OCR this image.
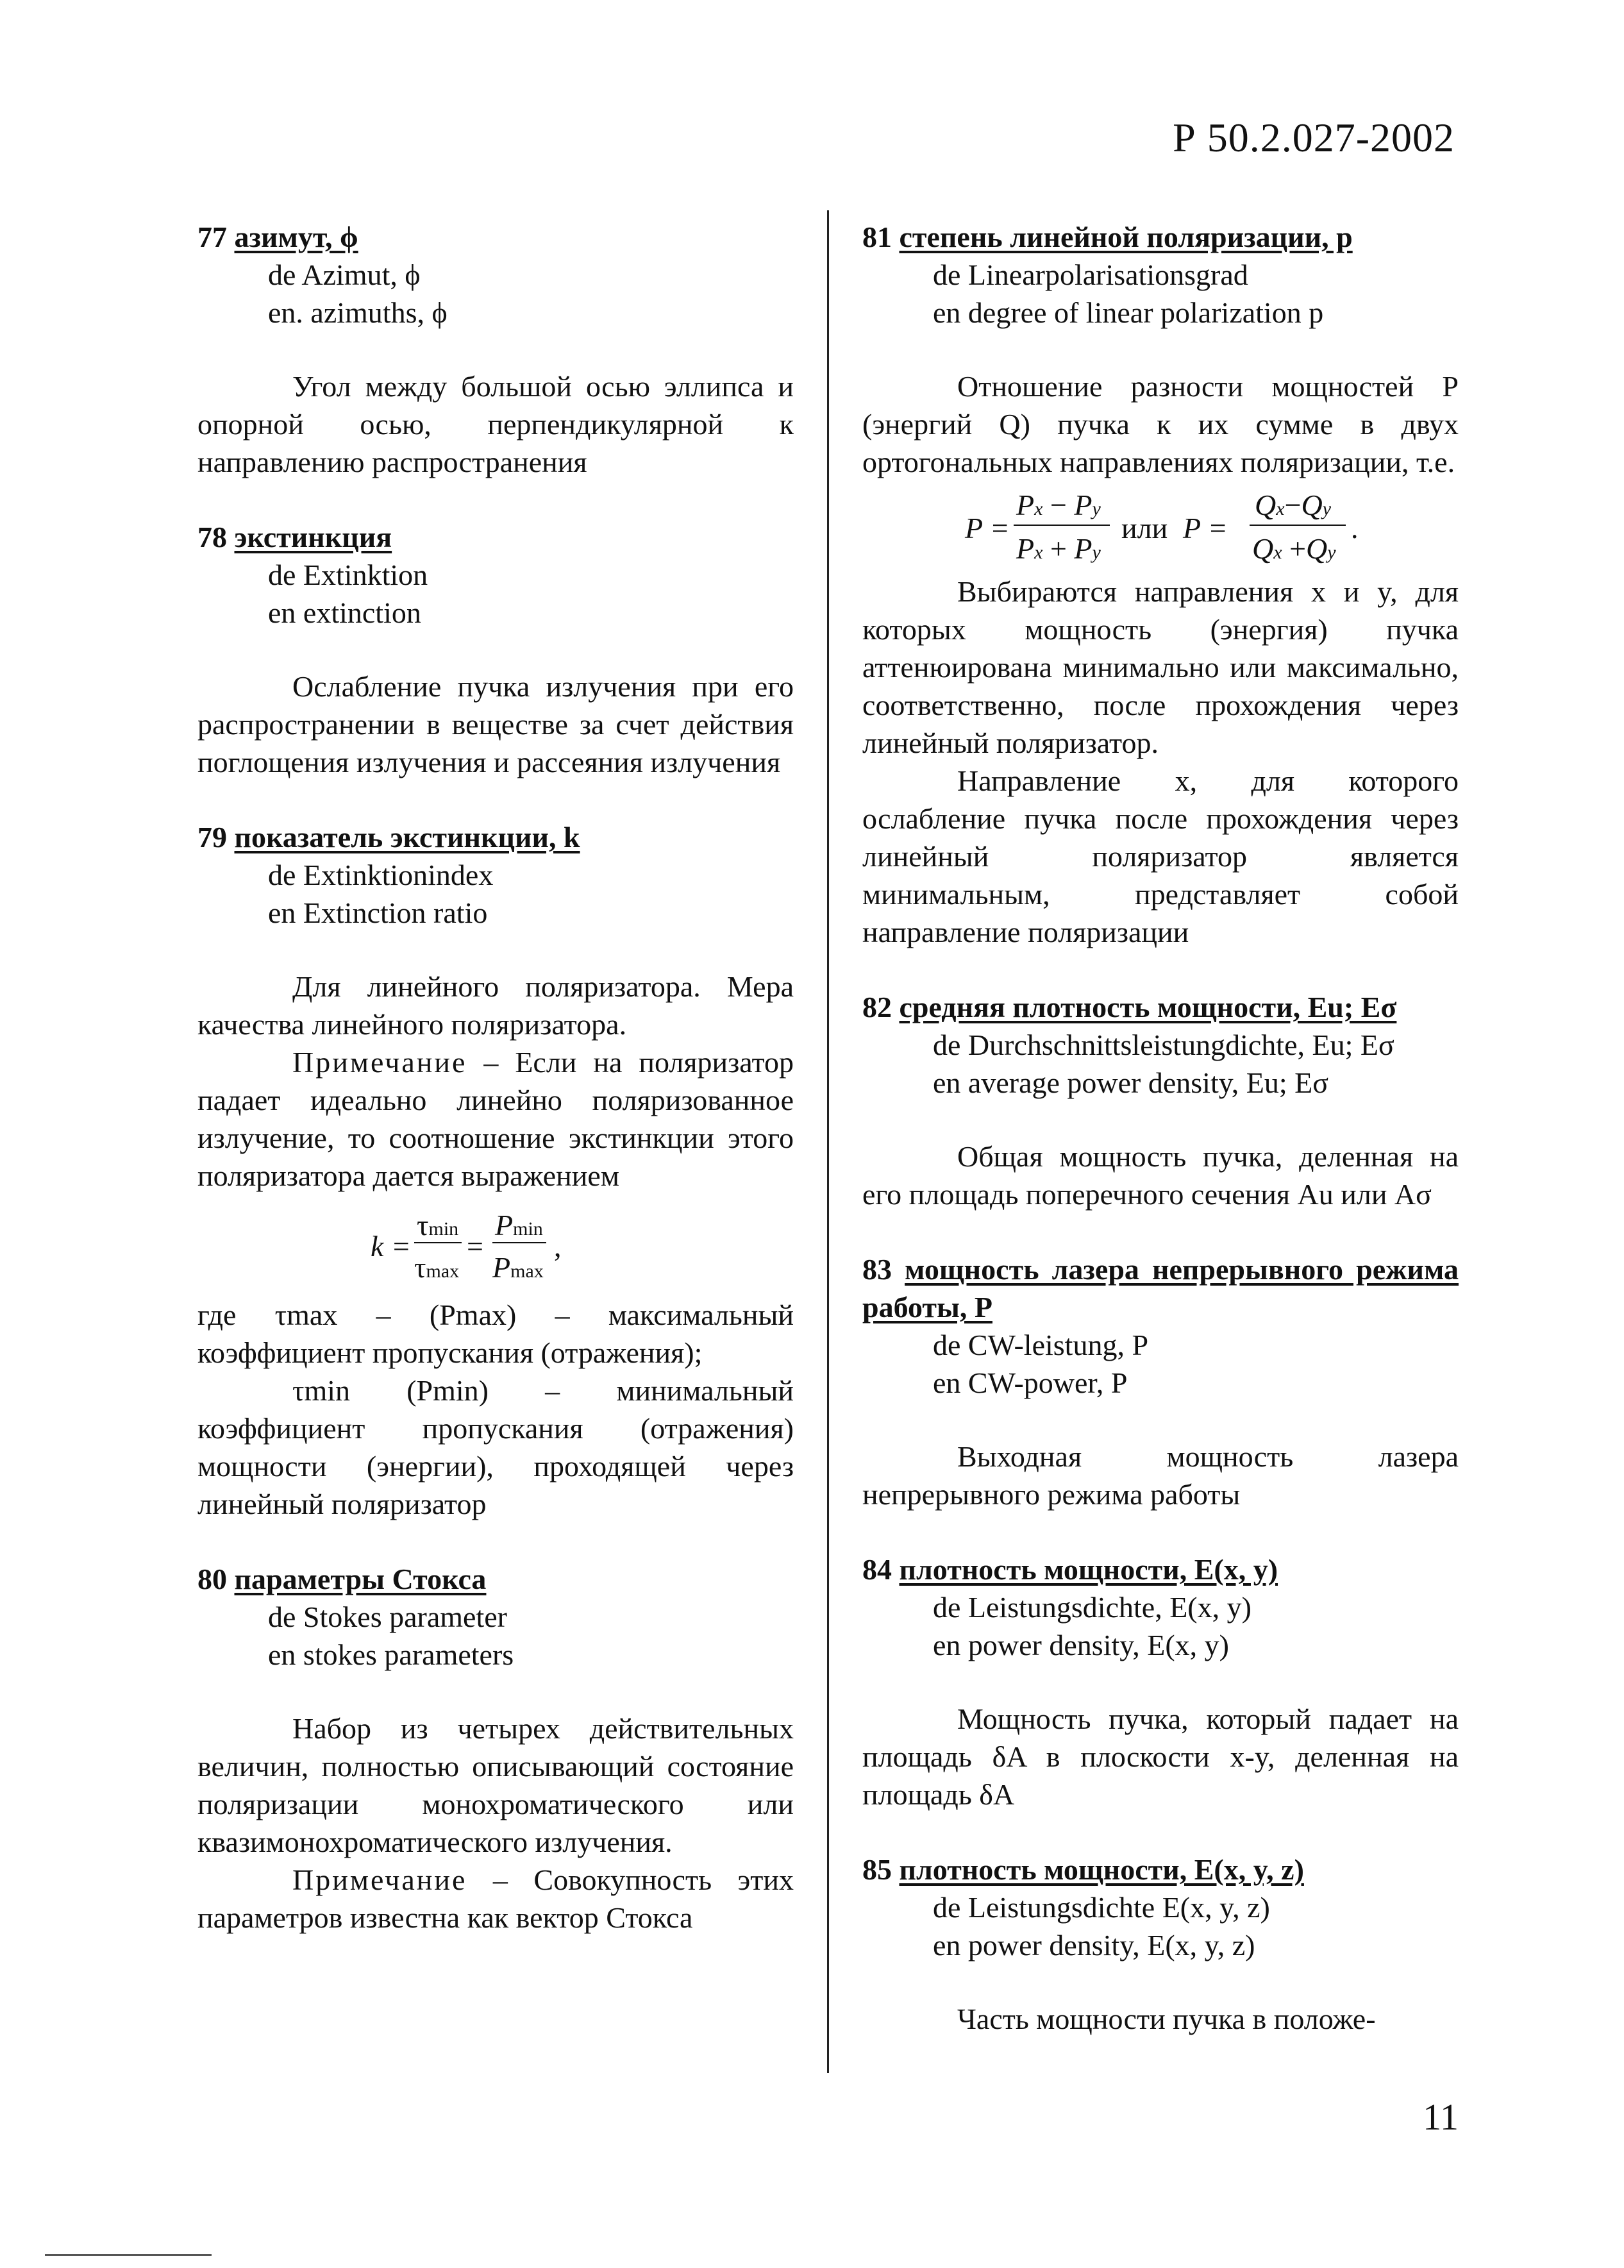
Р 50.2.027-2002

77 азимут, ϕ

de Azimut, ϕ

en. azimuths, ϕ

Угол между большой осью эллипса и опорной осью, перпендикулярной к направлению распространения

78 экстинкция

de Extinktion

en extinction

Ослабление пучка излучения при его распространении в веществе за счет действия поглощения излучения и рассеяния излучения

79 показатель экстинкции, k

de Extinktionindex

en Extinction ratio

Для линейного поляризатора. Мера качества линейного поляризатора.

Примечание – Если на поляризатор падает идеально линейно поляризованное излучение, то соотношение экстинкции этого поляризатора дается выражением

k =
τmin
τmax
=
Pmin
Pmax
,

где τmax – (Pmax) – максимальный коэффициент пропускания (отражения);

τmin (Pmin) – минимальный коэффициент пропускания (отражения) мощности (энергии), проходящей через линейный поляризатор

80 параметры Стокса

de Stokes parameter

en stokes parameters

Набор из четырех действительных величин, полностью описывающий состояние поляризации монохроматического или квазимонохроматического излучения.

Примечание – Совокупность этих параметров известна как вектор Стокса

81 степень линейной поляризации, p

de Linearpolarisationsgrad

en degree of linear polarization p

Отношение разности мощностей P (энергий Q) пучка к их сумме в двух ортогональных направлениях поляризации, т.е.

P =
Px − Py
Px + Py
или P =
Qx−Qy
Qx +Qy
.

Выбираются направления x и y, для которых мощность (энергия) пучка аттенюирована минимально или максимально, соответственно, после прохождения через линейный поляризатор.

Направление x, для которого ослабление пучка после прохождения через линейный поляризатор является минимальным, представляет собой направление поляризации

82 средняя плотность мощности, Eu; Eσ

de Durchschnittsleistungdichte, Eu; Eσ

en average power density, Eu; Eσ

Общая мощность пучка, деленная на его площадь поперечного сечения Au или Aσ

83 мощность лазера непрерывного режима работы, P

de CW-leistung, P

en CW-power, P

Выходная мощность лазера непрерывного режима работы

84 плотность мощности, E(x, y)

de Leistungsdichte, E(x, y)

en power density, E(x, y)

Мощность пучка, который падает на площадь δA в плоскости x-y, деленная на площадь δA

85 плотность мощности, E(x, y, z)

de Leistungsdichte E(x, y, z)

en power density, E(x, y, z)

Часть мощности пучка в положе-

11
